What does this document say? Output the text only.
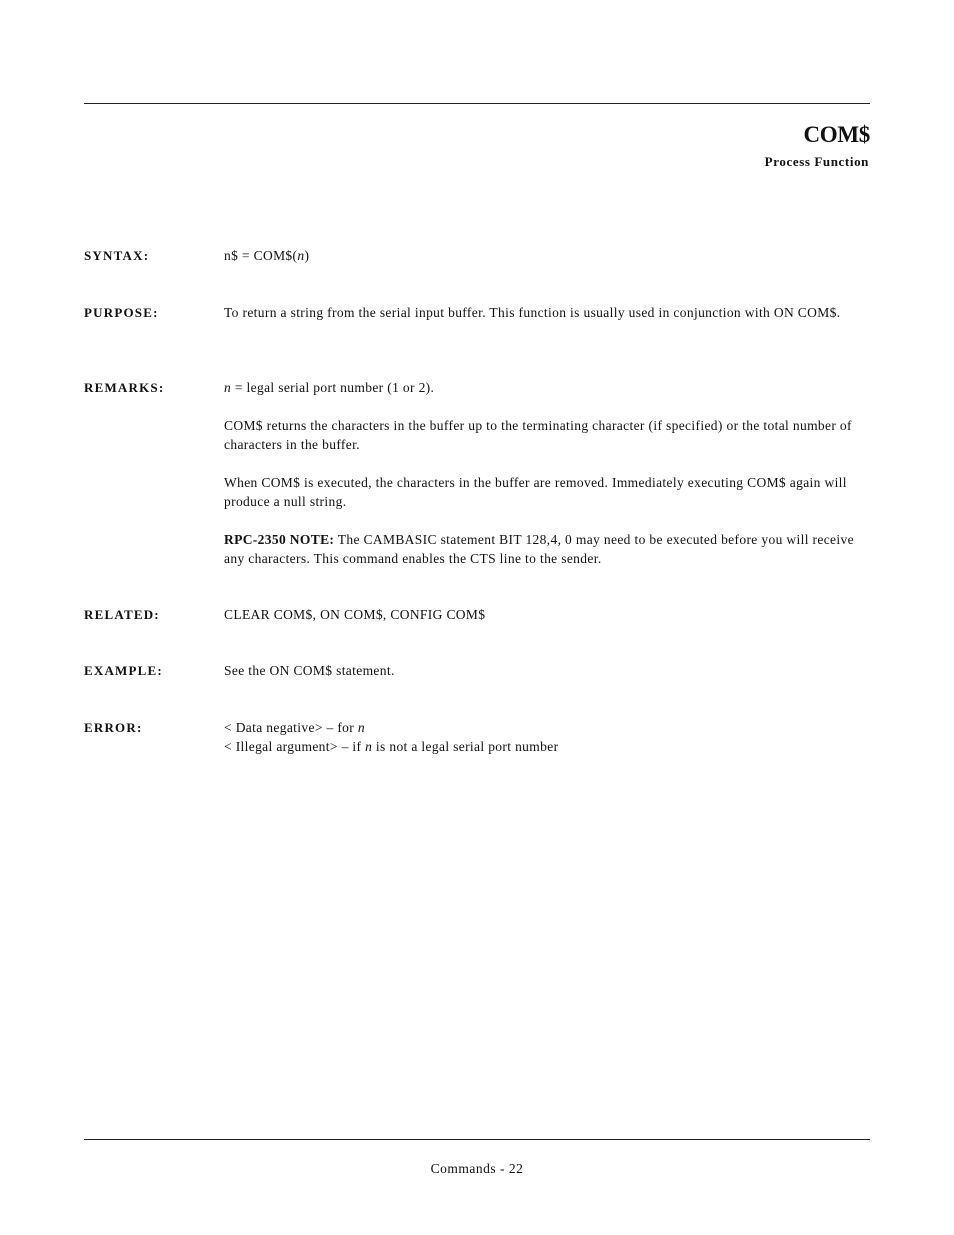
COM$
Process Function
SYNTAX:	n$ = COM$(n)
PURPOSE:	To return a string from the serial input buffer. This function is usually used in conjunction with ON COM$.

REMARKS:	n = legal serial port number (1 or 2).

COM$ returns the characters in the buffer up to the terminating character (if specified) or the total number of characters in the buffer.

When COM$ is executed, the characters in the buffer are removed. Immediately executing COM$ again will produce a null string.

RPC-2350 NOTE: The CAMBASIC statement BIT 128,4, 0 may need to be executed before you will receive any characters. This command enables the CTS line to the sender.

RELATED:	CLEAR COM$, ON COM$, CONFIG COM$

EXAMPLE:	See the ON COM$ statement.

ERROR:	< Data negative> – for n
< Illegal argument> – if n is not a legal serial port number
Commands - 22
